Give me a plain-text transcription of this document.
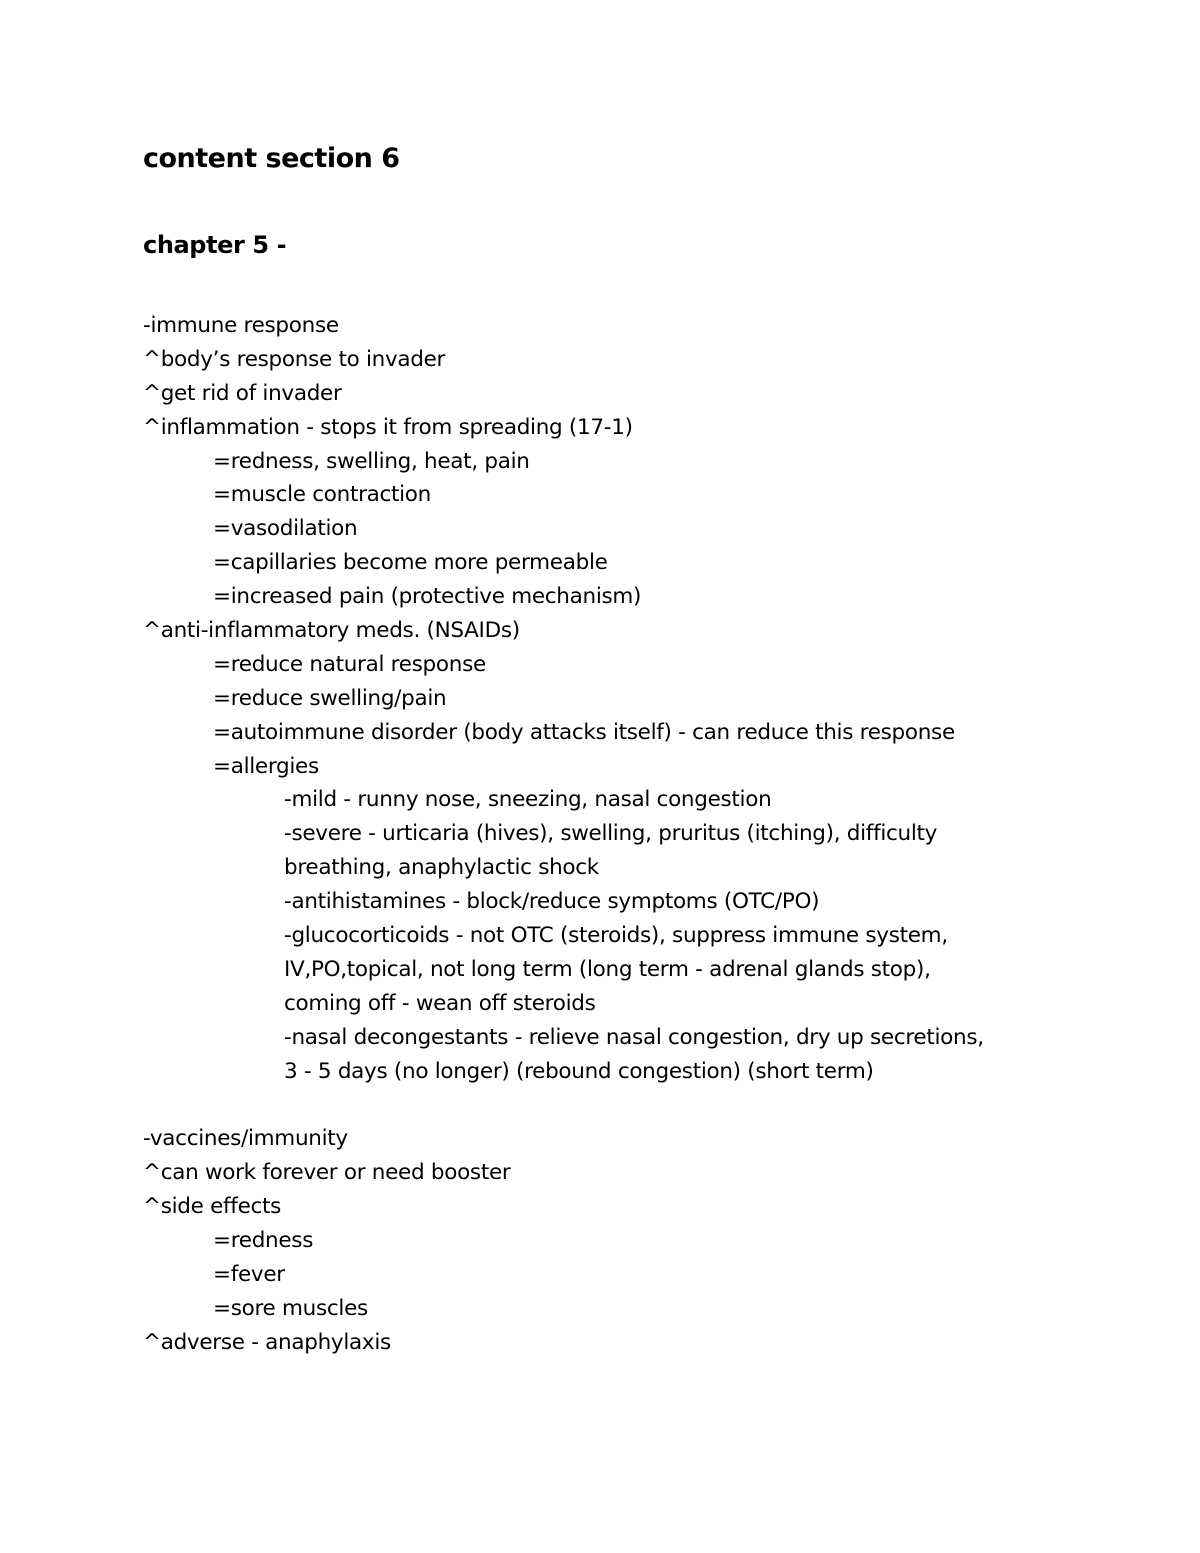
content section 6
chapter 5 -
-immune response
^body’s response to invader
^get rid of invader
^inflammation - stops it from spreading (17-1)
=redness, swelling, heat, pain
=muscle contraction
=vasodilation
=capillaries become more permeable
=increased pain (protective mechanism)
^anti-inflammatory meds. (NSAIDs)
=reduce natural response
=reduce swelling/pain
=autoimmune disorder (body attacks itself) - can reduce this response
=allergies
-mild - runny nose, sneezing, nasal congestion
-severe - urticaria (hives), swelling, pruritus (itching), difficulty
breathing, anaphylactic shock
-antihistamines - block/reduce symptoms (OTC/PO)
-glucocorticoids - not OTC (steroids), suppress immune system,
IV,PO,topical, not long term (long term - adrenal glands stop),
coming off - wean off steroids
-nasal decongestants - relieve nasal congestion, dry up secretions,
3 - 5 days (no longer) (rebound congestion) (short term)
-vaccines/immunity
^can work forever or need booster
^side effects
=redness
=fever
=sore muscles
^adverse - anaphylaxis
